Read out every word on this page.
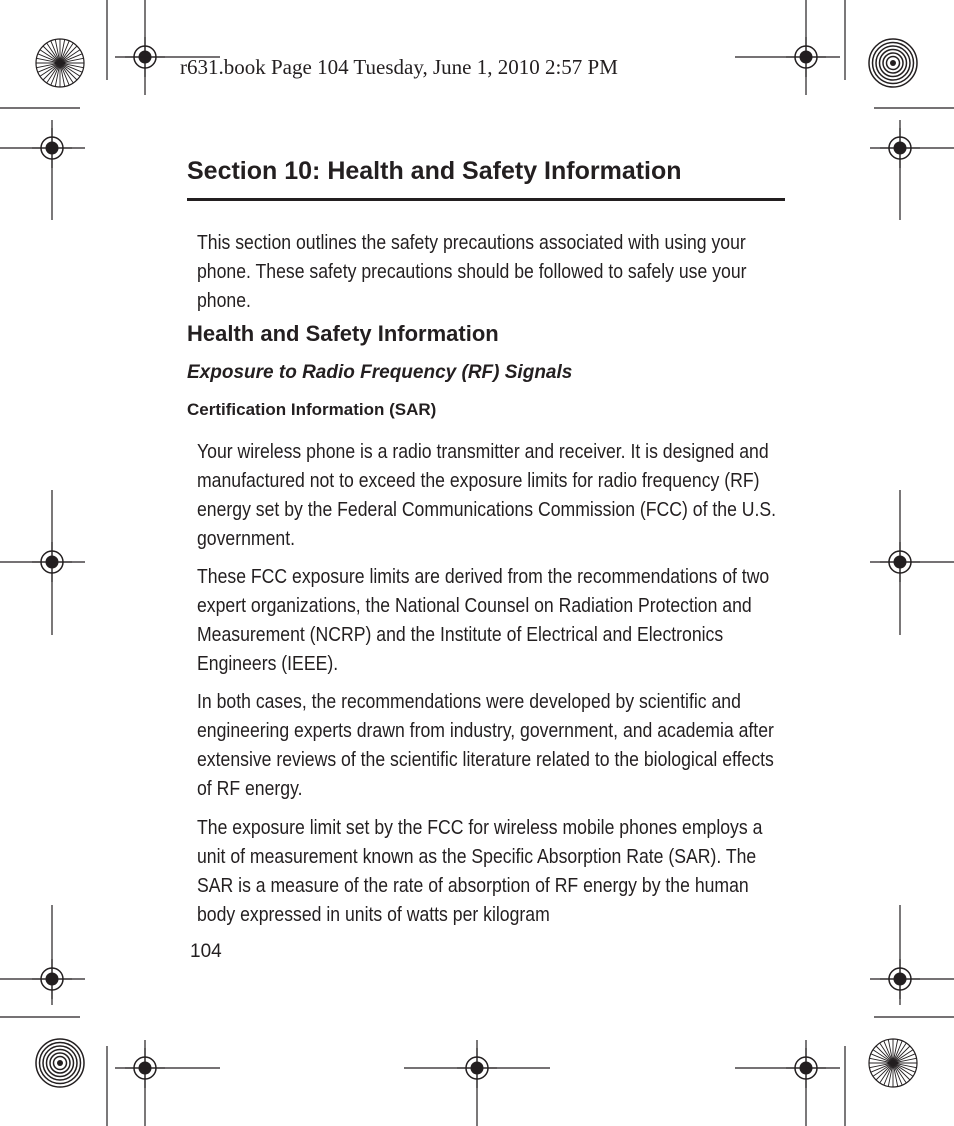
r631.book Page 104 Tuesday, June 1, 2010 2:57 PM

Section 10: Health and Safety Information

This section outlines the safety precautions associated with using your phone. These safety precautions should be followed to safely use your phone.

Health and Safety Information
Exposure to Radio Frequency (RF) Signals
Certification Information (SAR)

Your wireless phone is a radio transmitter and receiver. It is designed and manufactured not to exceed the exposure limits for radio frequency (RF) energy set by the Federal Communications Commission (FCC) of the U.S. government.

These FCC exposure limits are derived from the recommendations of two expert organizations, the National Counsel on Radiation Protection and Measurement (NCRP) and the Institute of Electrical and Electronics Engineers (IEEE).

In both cases, the recommendations were developed by scientific and engineering experts drawn from industry, government, and academia after extensive reviews of the scientific literature related to the biological effects of RF energy.

The exposure limit set by the FCC for wireless mobile phones employs a unit of measurement known as the Specific Absorption Rate (SAR). The SAR is a measure of the rate of absorption of RF energy by the human body expressed in units of watts per kilogram

104
